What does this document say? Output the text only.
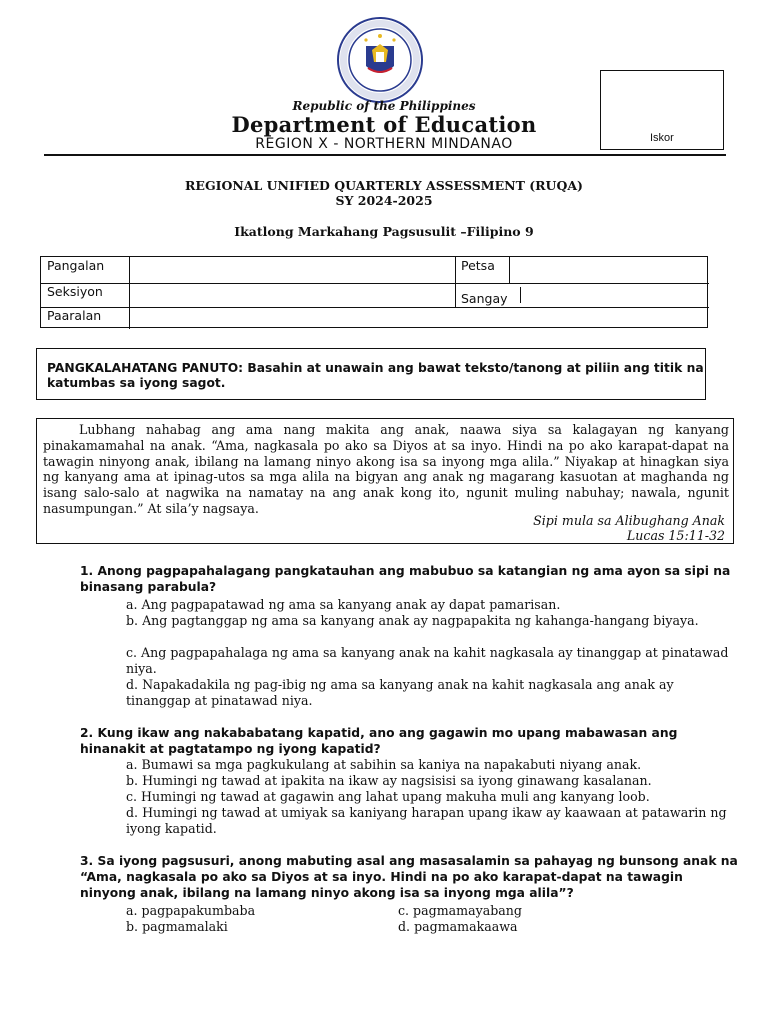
Republic of the Philippines
Department of Education
REGION X - NORTHERN MINDANAO	Iskor
REGIONAL UNIFIED QUARTERLY ASSESSMENT (RUQA)
SY 2024-2025
Ikatlong Markahang Pagsusulit –Filipino 9
Pangalan	Petsa
Seksiyon	Sangay
Paaralan
PANGKALAHATANG PANUTO: Basahin at unawain ang bawat teksto/tanong at piliin ang titik na katumbas sa iyong sagot.
Lubhang nahabag ang ama nang makita ang anak, naawa siya sa kalagayan ng kanyang pinakamamahal na anak. “Ama, nagkasala po ako sa Diyos at sa inyo. Hindi na po ako karapat-dapat na tawagin ninyong anak, ibilang na lamang ninyo akong isa sa inyong mga alila.” Niyakap at hinagkan siya ng kanyang ama at ipinag-utos sa mga alila na bigyan ang anak ng magarang kasuotan at maghanda ng isang salo-salo at nagwika na namatay na ang anak kong ito, ngunit muling nabuhay; nawala, ngunit nasumpungan.” At sila’y nagsaya.
Sipi mula sa Alibughang Anak
Lucas 15:11-32
1. Anong pagpapahalagang pangkatauhan ang mabubuo sa katangian ng ama ayon sa sipi na binasang parabula?
a. Ang pagpapatawad ng ama sa kanyang anak ay dapat pamarisan.
b. Ang pagtanggap ng ama sa kanyang anak ay nagpapakita ng kahanga-hangang biyaya.
c. Ang pagpapahalaga ng ama sa kanyang anak na kahit nagkasala ay tinanggap at pinatawad niya.
d. Napakadakila ng pag-ibig ng ama sa kanyang anak na kahit nagkasala ang anak ay tinanggap at pinatawad niya.
2. Kung ikaw ang nakababatang kapatid, ano ang gagawin mo upang mabawasan ang hinanakit at pagtatampo ng iyong kapatid?
a. Bumawi sa mga pagkukulang at sabihin sa kaniya na napakabuti niyang anak.
b. Humingi ng tawad at ipakita na ikaw ay nagsisisi sa iyong ginawang kasalanan.
c. Humingi ng tawad at gagawin ang lahat upang makuha muli ang kanyang loob.
d. Humingi ng tawad at umiyak sa kaniyang harapan upang ikaw ay kaawaan at patawarin ng iyong kapatid.
3. Sa iyong pagsusuri, anong mabuting asal ang masasalamin sa pahayag ng bunsong anak na “Ama, nagkasala po ako sa Diyos at sa inyo. Hindi na po ako karapat-dapat na tawagin ninyong anak, ibilang na lamang ninyo akong isa sa inyong mga alila”?
a. pagpapakumbaba	c. pagmamayabang
b. pagmamalaki	d. pagmamakaawa
